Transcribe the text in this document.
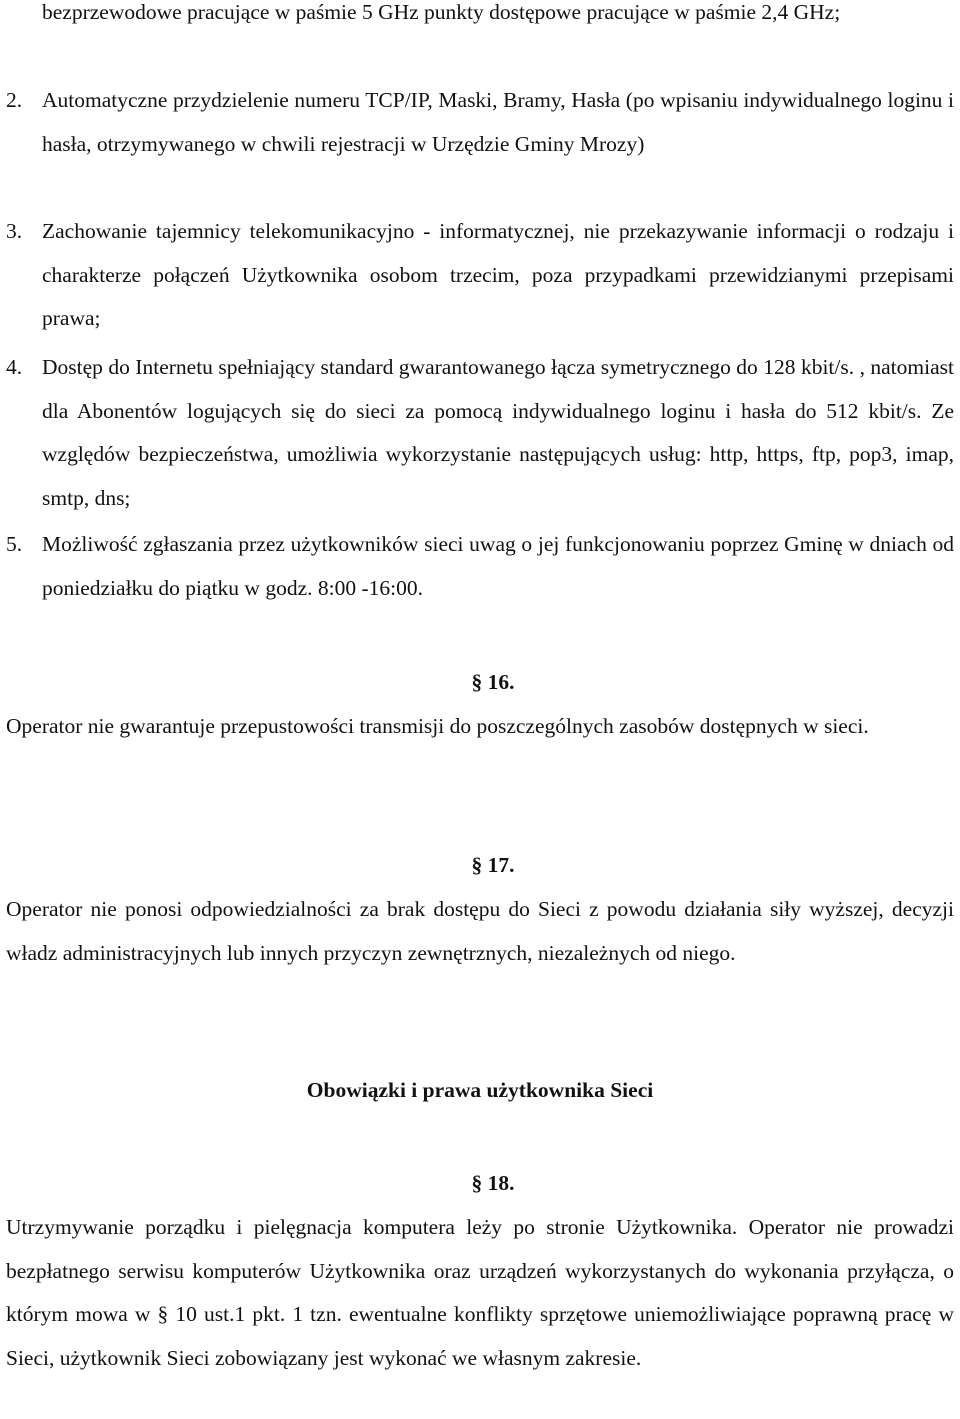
bezprzewodowe pracujące w paśmie 5 GHz punkty dostępowe pracujące w paśmie 2,4 GHz;

2. Automatyczne przydzielenie numeru TCP/IP, Maski, Bramy, Hasła (po wpisaniu indywidualnego loginu i hasła, otrzymywanego w chwili rejestracji w Urzędzie Gminy Mrozy)
3. Zachowanie tajemnicy telekomunikacyjno - informatycznej, nie przekazywanie informacji o rodzaju i charakterze połączeń Użytkownika osobom trzecim, poza przypadkami przewidzianymi przepisami prawa;
4. Dostęp do Internetu spełniający standard gwarantowanego łącza symetrycznego do 128 kbit/s. , natomiast dla Abonentów logujących się do sieci za pomocą indywidualnego loginu i hasła do 512 kbit/s. Ze względów bezpieczeństwa, umożliwia wykorzystanie następujących usług: http, https, ftp, pop3, imap, smtp, dns;
5. Możliwość zgłaszania przez użytkowników sieci uwag o jej funkcjonowaniu poprzez Gminę w dniach od poniedziałku do piątku w godz. 8:00 -16:00.
§ 16.

Operator nie gwarantuje przepustowości transmisji do poszczególnych zasobów dostępnych w sieci.

§ 17.

Operator nie ponosi odpowiedzialności za brak dostępu do Sieci z powodu działania siły wyższej, decyzji władz administracyjnych lub innych przyczyn zewnętrznych, niezależnych od niego.

Obowiązki i prawa użytkownika Sieci
§ 18.

Utrzymywanie porządku i pielęgnacja komputera leży po stronie Użytkownika. Operator nie prowadzi bezpłatnego serwisu komputerów Użytkownika oraz urządzeń wykorzystanych do wykonania przyłącza, o którym mowa w § 10 ust.1 pkt. 1 tzn. ewentualne konflikty sprzętowe uniemożliwiające poprawną pracę w Sieci, użytkownik Sieci zobowiązany jest wykonać we własnym zakresie.
